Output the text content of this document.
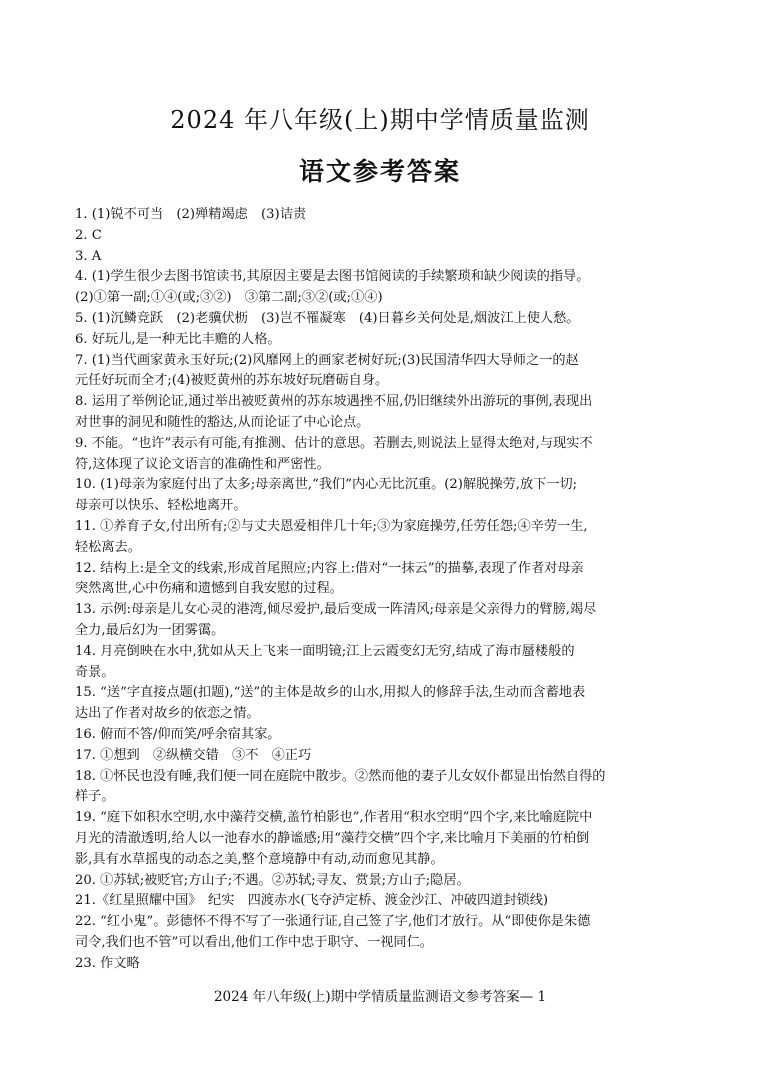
2024 年八年级(上)期中学情质量监测
语文参考答案
1. (1)锐不可当　(2)殚精竭虑　(3)诘责
2. C
3. A
4. (1)学生很少去图书馆读书,其原因主要是去图书馆阅读的手续繁琐和缺少阅读的指导。
(2)①第一副;①④(或;③②)　③第二副;③②(或;①④)
5. (1)沉鳞竞跃　(2)老骥伏枥　(3)岂不罹凝寒　(4)日暮乡关何处是,烟波江上使人愁。
6. 好玩儿,是一种无比丰赡的人格。
7. (1)当代画家黄永玉好玩;(2)风靡网上的画家老树好玩;(3)民国清华四大导师之一的赵
元任好玩而全才;(4)被贬黄州的苏东坡好玩磨砺自身。
8. 运用了举例论证,通过举出被贬黄州的苏东坡遇挫不屈,仍旧继续外出游玩的事例,表现出
对世事的洞见和随性的豁达,从而论证了中心论点。
9. 不能。“也许”表示有可能,有推测、估计的意思。若删去,则说法上显得太绝对,与现实不
符,这体现了议论文语言的准确性和严密性。
10. (1)母亲为家庭付出了太多;母亲离世,“我们”内心无比沉重。(2)解脱操劳,放下一切;
母亲可以快乐、轻松地离开。
11. ①养育子女,付出所有;②与丈夫恩爱相伴几十年;③为家庭操劳,任劳任怨;④辛劳一生,
轻松离去。
12. 结构上:是全文的线索,形成首尾照应;内容上:借对“一抹云”的描摹,表现了作者对母亲
突然离世,心中伤痛和遗憾到自我安慰的过程。
13. 示例:母亲是儿女心灵的港湾,倾尽爱护,最后变成一阵清风;母亲是父亲得力的臂膀,竭尽
全力,最后幻为一团雾霭。
14. 月亮倒映在水中,犹如从天上飞来一面明镜;江上云霞变幻无穷,结成了海市蜃楼般的
奇景。
15. “送”字直接点题(扣题),“送”的主体是故乡的山水,用拟人的修辞手法,生动而含蓄地表
达出了作者对故乡的依恋之情。
16. 俯而不答/仰而笑/呼余宿其家。
17. ①想到　②纵横交错　③不　④正巧
18. ①怀民也没有睡,我们便一同在庭院中散步。②然而他的妻子儿女奴仆都显出怡然自得的
样子。
19. “庭下如积水空明,水中藻荇交横,盖竹柏影也”,作者用“积水空明”四个字,来比喻庭院中
月光的清澈透明,给人以一池春水的静谧感;用“藻荇交横”四个字,来比喻月下美丽的竹柏倒
影,具有水草摇曳的动态之美,整个意境静中有动,动而愈见其静。
20. ①苏轼;被贬官;方山子;不遇。②苏轼;寻友、赏景;方山子;隐居。
21.《红星照耀中国》　纪实　四渡赤水(飞夺泸定桥、渡金沙江、冲破四道封锁线)
22. “红小鬼”。彭德怀不得不写了一张通行证,自己签了字,他们才放行。从“即使你是朱德
司令,我们也不管”可以看出,他们工作中忠于职守、一视同仁。
23. 作文略
2024 年八年级(上)期中学情质量监测语文参考答案— 1
